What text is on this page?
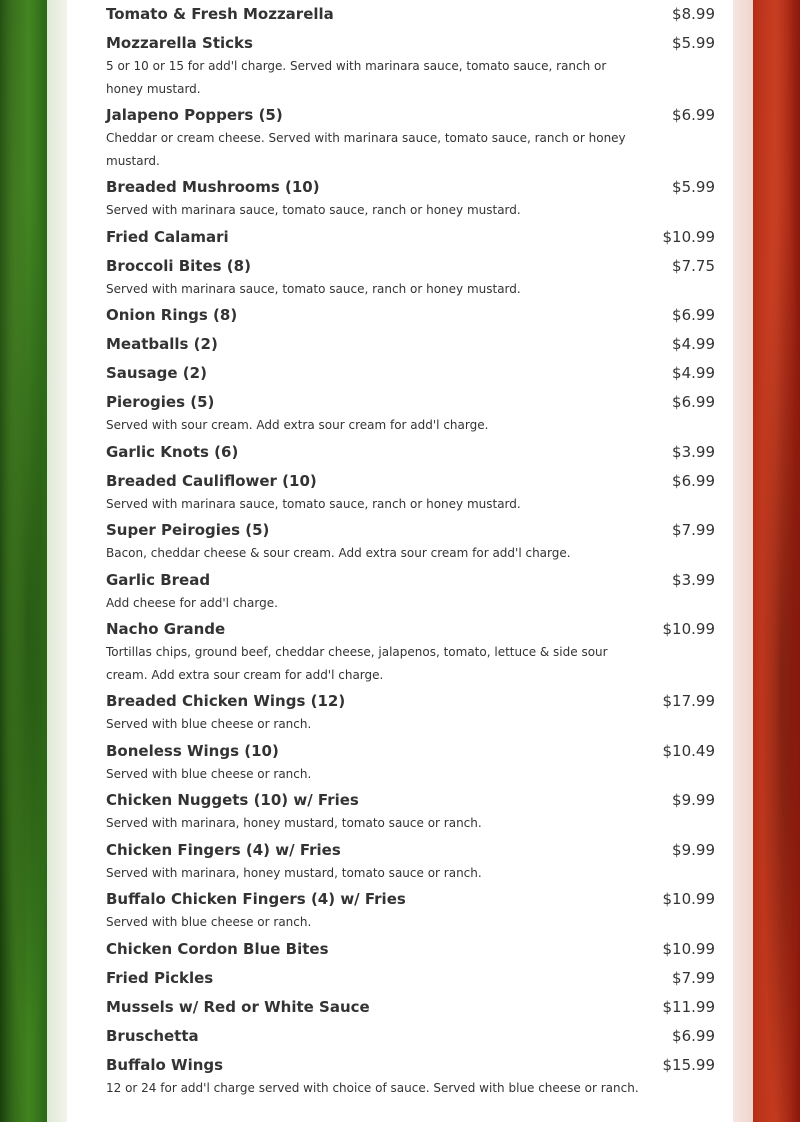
Tomato & Fresh Mozzarella	$8.99
Mozzarella Sticks	$5.99
5 or 10 or 15 for add'l charge. Served with marinara sauce, tomato sauce, ranch or honey mustard.
Jalapeno Poppers (5)	$6.99
Cheddar or cream cheese. Served with marinara sauce, tomato sauce, ranch or honey mustard.
Breaded Mushrooms (10)	$5.99
Served with marinara sauce, tomato sauce, ranch or honey mustard.
Fried Calamari	$10.99
Broccoli Bites (8)	$7.75
Served with marinara sauce, tomato sauce, ranch or honey mustard.
Onion Rings (8)	$6.99
Meatballs (2)	$4.99
Sausage (2)	$4.99
Pierogies (5)	$6.99
Served with sour cream. Add extra sour cream for add'l charge.
Garlic Knots (6)	$3.99
Breaded Cauliflower (10)	$6.99
Served with marinara sauce, tomato sauce, ranch or honey mustard.
Super Peirogies (5)	$7.99
Bacon, cheddar cheese & sour cream. Add extra sour cream for add'l charge.
Garlic Bread	$3.99
Add cheese for add'l charge.
Nacho Grande	$10.99
Tortillas chips, ground beef, cheddar cheese, jalapenos, tomato, lettuce & side sour cream. Add extra sour cream for add'l charge.
Breaded Chicken Wings (12)	$17.99
Served with blue cheese or ranch.
Boneless Wings (10)	$10.49
Served with blue cheese or ranch.
Chicken Nuggets (10) w/ Fries	$9.99
Served with marinara, honey mustard, tomato sauce or ranch.
Chicken Fingers (4) w/ Fries	$9.99
Served with marinara, honey mustard, tomato sauce or ranch.
Buffalo Chicken Fingers (4) w/ Fries	$10.99
Served with blue cheese or ranch.
Chicken Cordon Blue Bites	$10.99
Fried Pickles	$7.99
Mussels w/ Red or White Sauce	$11.99
Bruschetta	$6.99
Buffalo Wings	$15.99
12 or 24 for add'l charge served with choice of sauce. Served with blue cheese or ranch.
